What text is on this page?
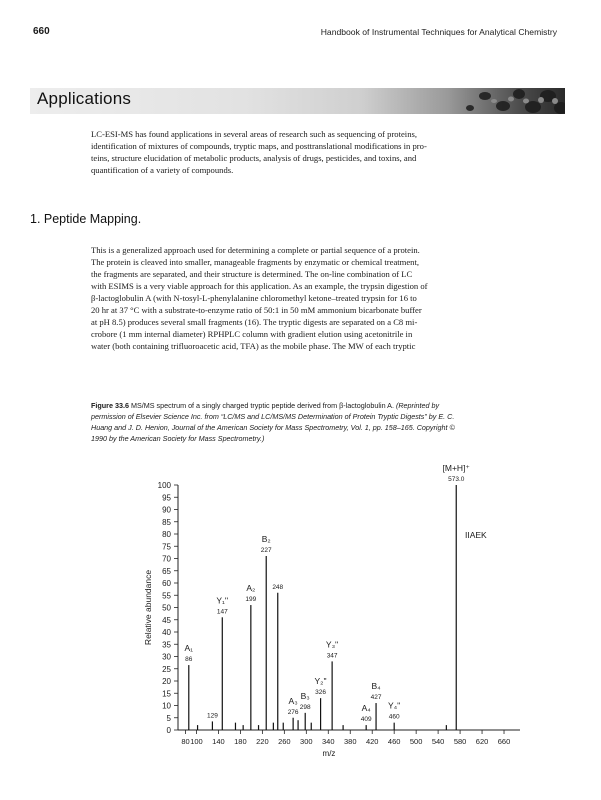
660	Handbook of Instrumental Techniques for Analytical Chemistry
Applications
LC-ESI-MS has found applications in several areas of research such as sequencing of proteins,
identification of mixtures of compounds, tryptic maps, and posttranslational modifications in pro-
teins, structure elucidation of metabolic products, analysis of drugs, pesticides, and toxins, and
quantification of a variety of compounds.
1. Peptide Mapping.
This is a generalized approach used for determining a complete or partial sequence of a protein.
The protein is cleaved into smaller, manageable fragments by enzymatic or chemical treatment,
the fragments are separated, and their structure is determined. The on-line combination of LC
with ESIMS is a very viable approach for this application. As an example, the trypsin digestion of
β-lactoglobulin A (with N-tosyl-L-phenylalanine chloromethyl ketone–treated trypsin for 16 to
20 hr at 37 °C with a substrate-to-enzyme ratio of 50:1 in 50 mM ammonium bicarbonate buffer
at pH 8.5) produces several small fragments (16). The tryptic digests are separated on a C8 mi-
crobore (1 mm internal diameter) RPHPLC column with gradient elution using acetonitrile in
water (both containing trifluoroacetic acid, TFA) as the mobile phase. The MW of each tryptic
Figure 33.6 MS/MS spectrum of a singly charged tryptic peptide derived from β-lactoglobulin A. (Reprinted by
permission of Elsevier Science Inc. from “LC/MS and LC/MS/MS Determination of Protein Tryptic Digests” by E. C.
Huang and J. D. Henion, Journal of the American Society for Mass Spectrometry, Vol. 1, pp. 158–165. Copyright ©
1990 by the American Society for Mass Spectrometry.)
0
5
10
15
20
25
30
35
40
45
50
55
60
65
70
75
80
85
90
95
100
80 100 140 180 220 260 300 340 380 420 460 500 540 580 620 660
m/z
Relative abundance
86
A₁
147
Y₁''	199
A₂
227
B₂
248
129
276
A₃
298
B₃ 326
Y₂''
347
Y₃''
409
A₄
427
B₄
460
Y₄''
573.0
[M+H]⁺
IIAEK
